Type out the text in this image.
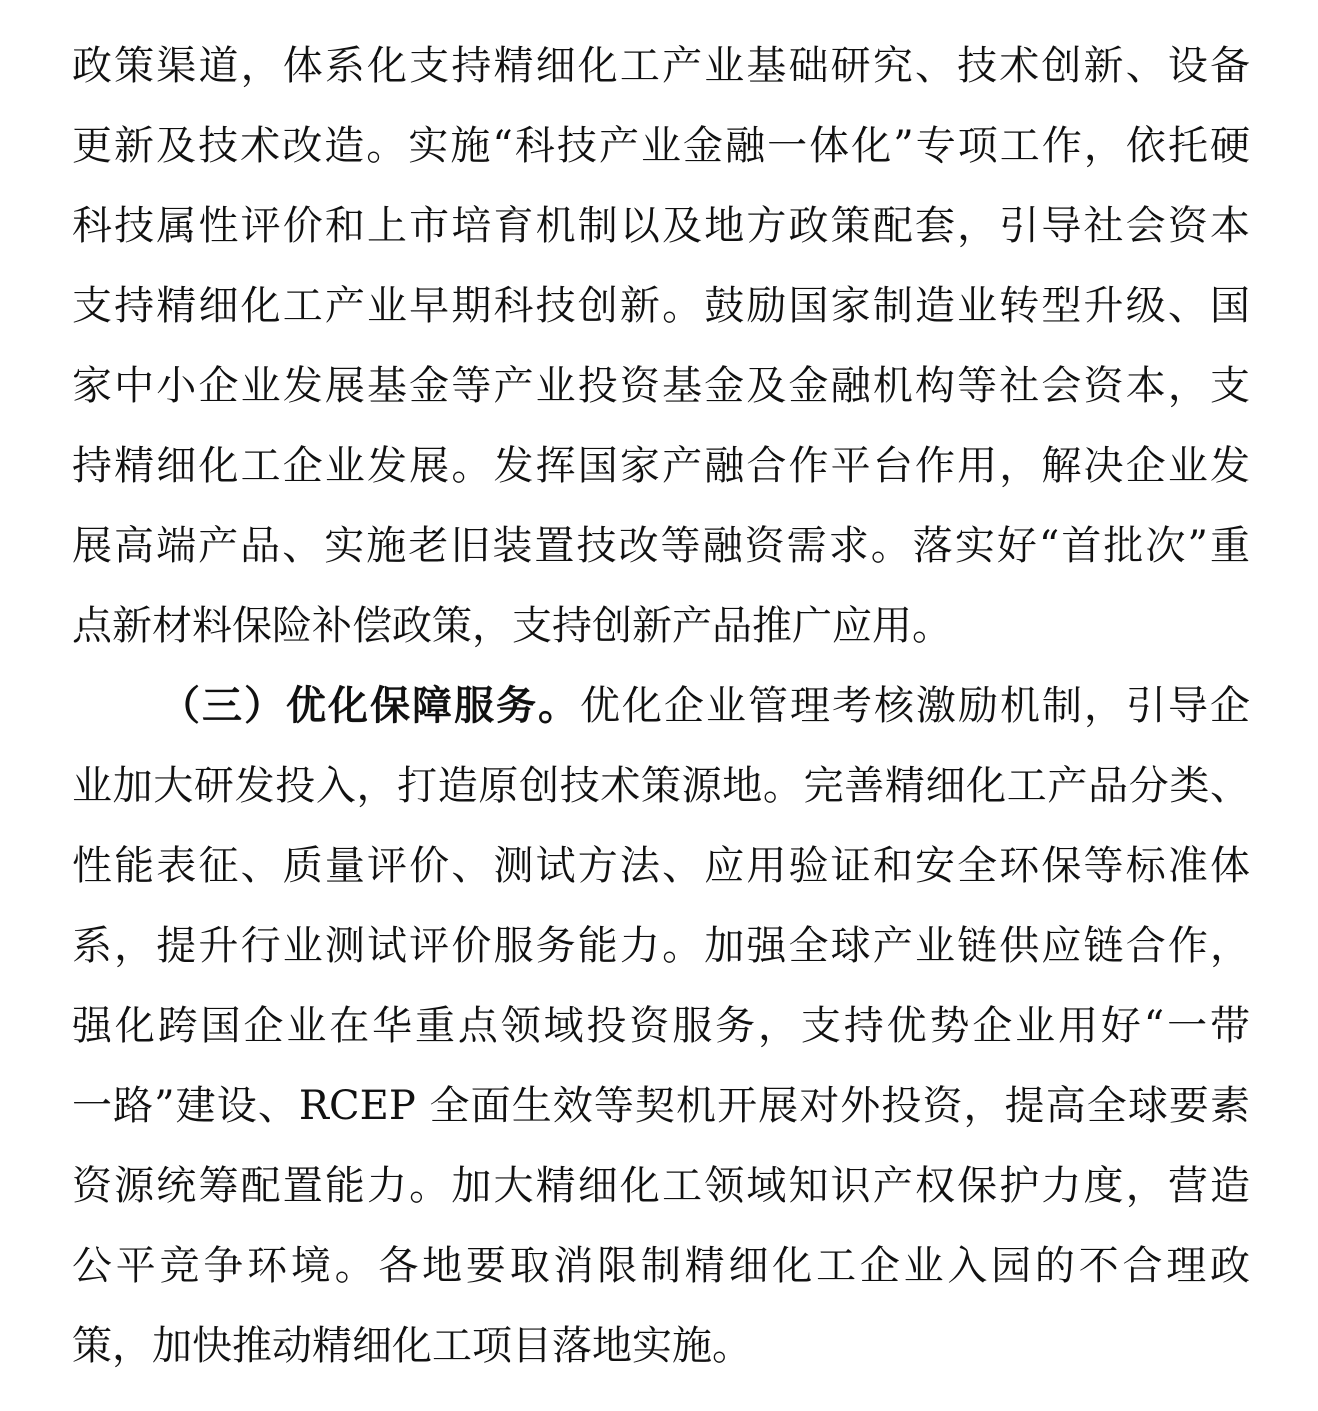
政策渠道，体系化支持精细化工产业基础研究、技术创新、设备
更新及技术改造。实施“科技产业金融一体化”专项工作，依托硬
科技属性评价和上市培育机制以及地方政策配套，引导社会资本
支持精细化工产业早期科技创新。鼓励国家制造业转型升级、国
家中小企业发展基金等产业投资基金及金融机构等社会资本，支
持精细化工企业发展。发挥国家产融合作平台作用，解决企业发
展高端产品、实施老旧装置技改等融资需求。落实好“首批次”重
点新材料保险补偿政策，支持创新产品推广应用。
（三）优化保障服务。优化企业管理考核激励机制，引导企
业加大研发投入，打造原创技术策源地。完善精细化工产品分类、
性能表征、质量评价、测试方法、应用验证和安全环保等标准体
系，提升行业测试评价服务能力。加强全球产业链供应链合作，
强化跨国企业在华重点领域投资服务，支持优势企业用好“一带
一路”建设、RCEP 全面生效等契机开展对外投资，提高全球要素
资源统筹配置能力。加大精细化工领域知识产权保护力度，营造
公平竞争环境。各地要取消限制精细化工企业入园的不合理政
策，加快推动精细化工项目落地实施。
